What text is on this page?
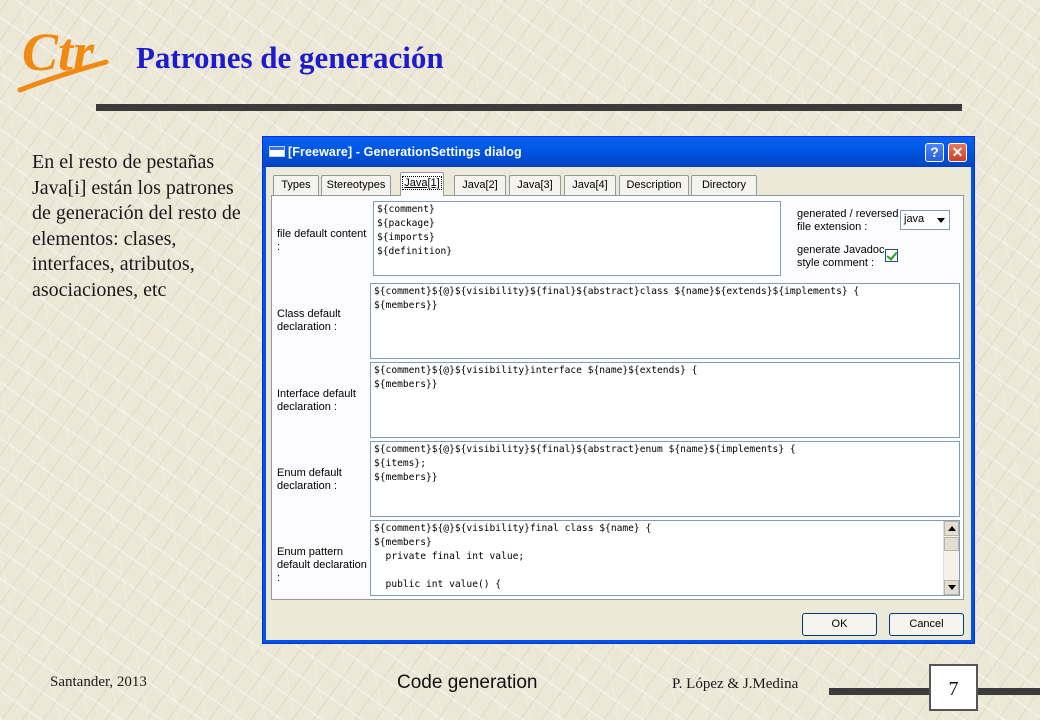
Ctr Patrones de generación
En el resto de pestañas Java[i] están los patrones de generación del resto de elementos: clases, interfaces, atributos, asociaciones, etc
[Freeware] - GenerationSettings dialog	? ✕
Types	Stereotypes	Java[1]	Java[2]	Java[3]	Java[4]	Description	Directory
file default content :
${comment}
${package}
${imports}
${definition}
generated / reversed file extension :
java
generate Javadoc style comment :
Class default declaration :
${comment}${@}${visibility}${final}${abstract}class ${name}${extends}${implements} {
${members}}
Interface default declaration :
${comment}${@}${visibility}interface ${name}${extends} {
${members}}
Enum default declaration :
${comment}${@}${visibility}${final}${abstract}enum ${name}${implements} {
${items};
${members}}
Enum pattern default declaration :
${comment}${@}${visibility}final class ${name} {
${members}
private final int value;

public int value() {

OK	Cancel
Santander, 2013	Code generation	P. López & J.Medina	7
